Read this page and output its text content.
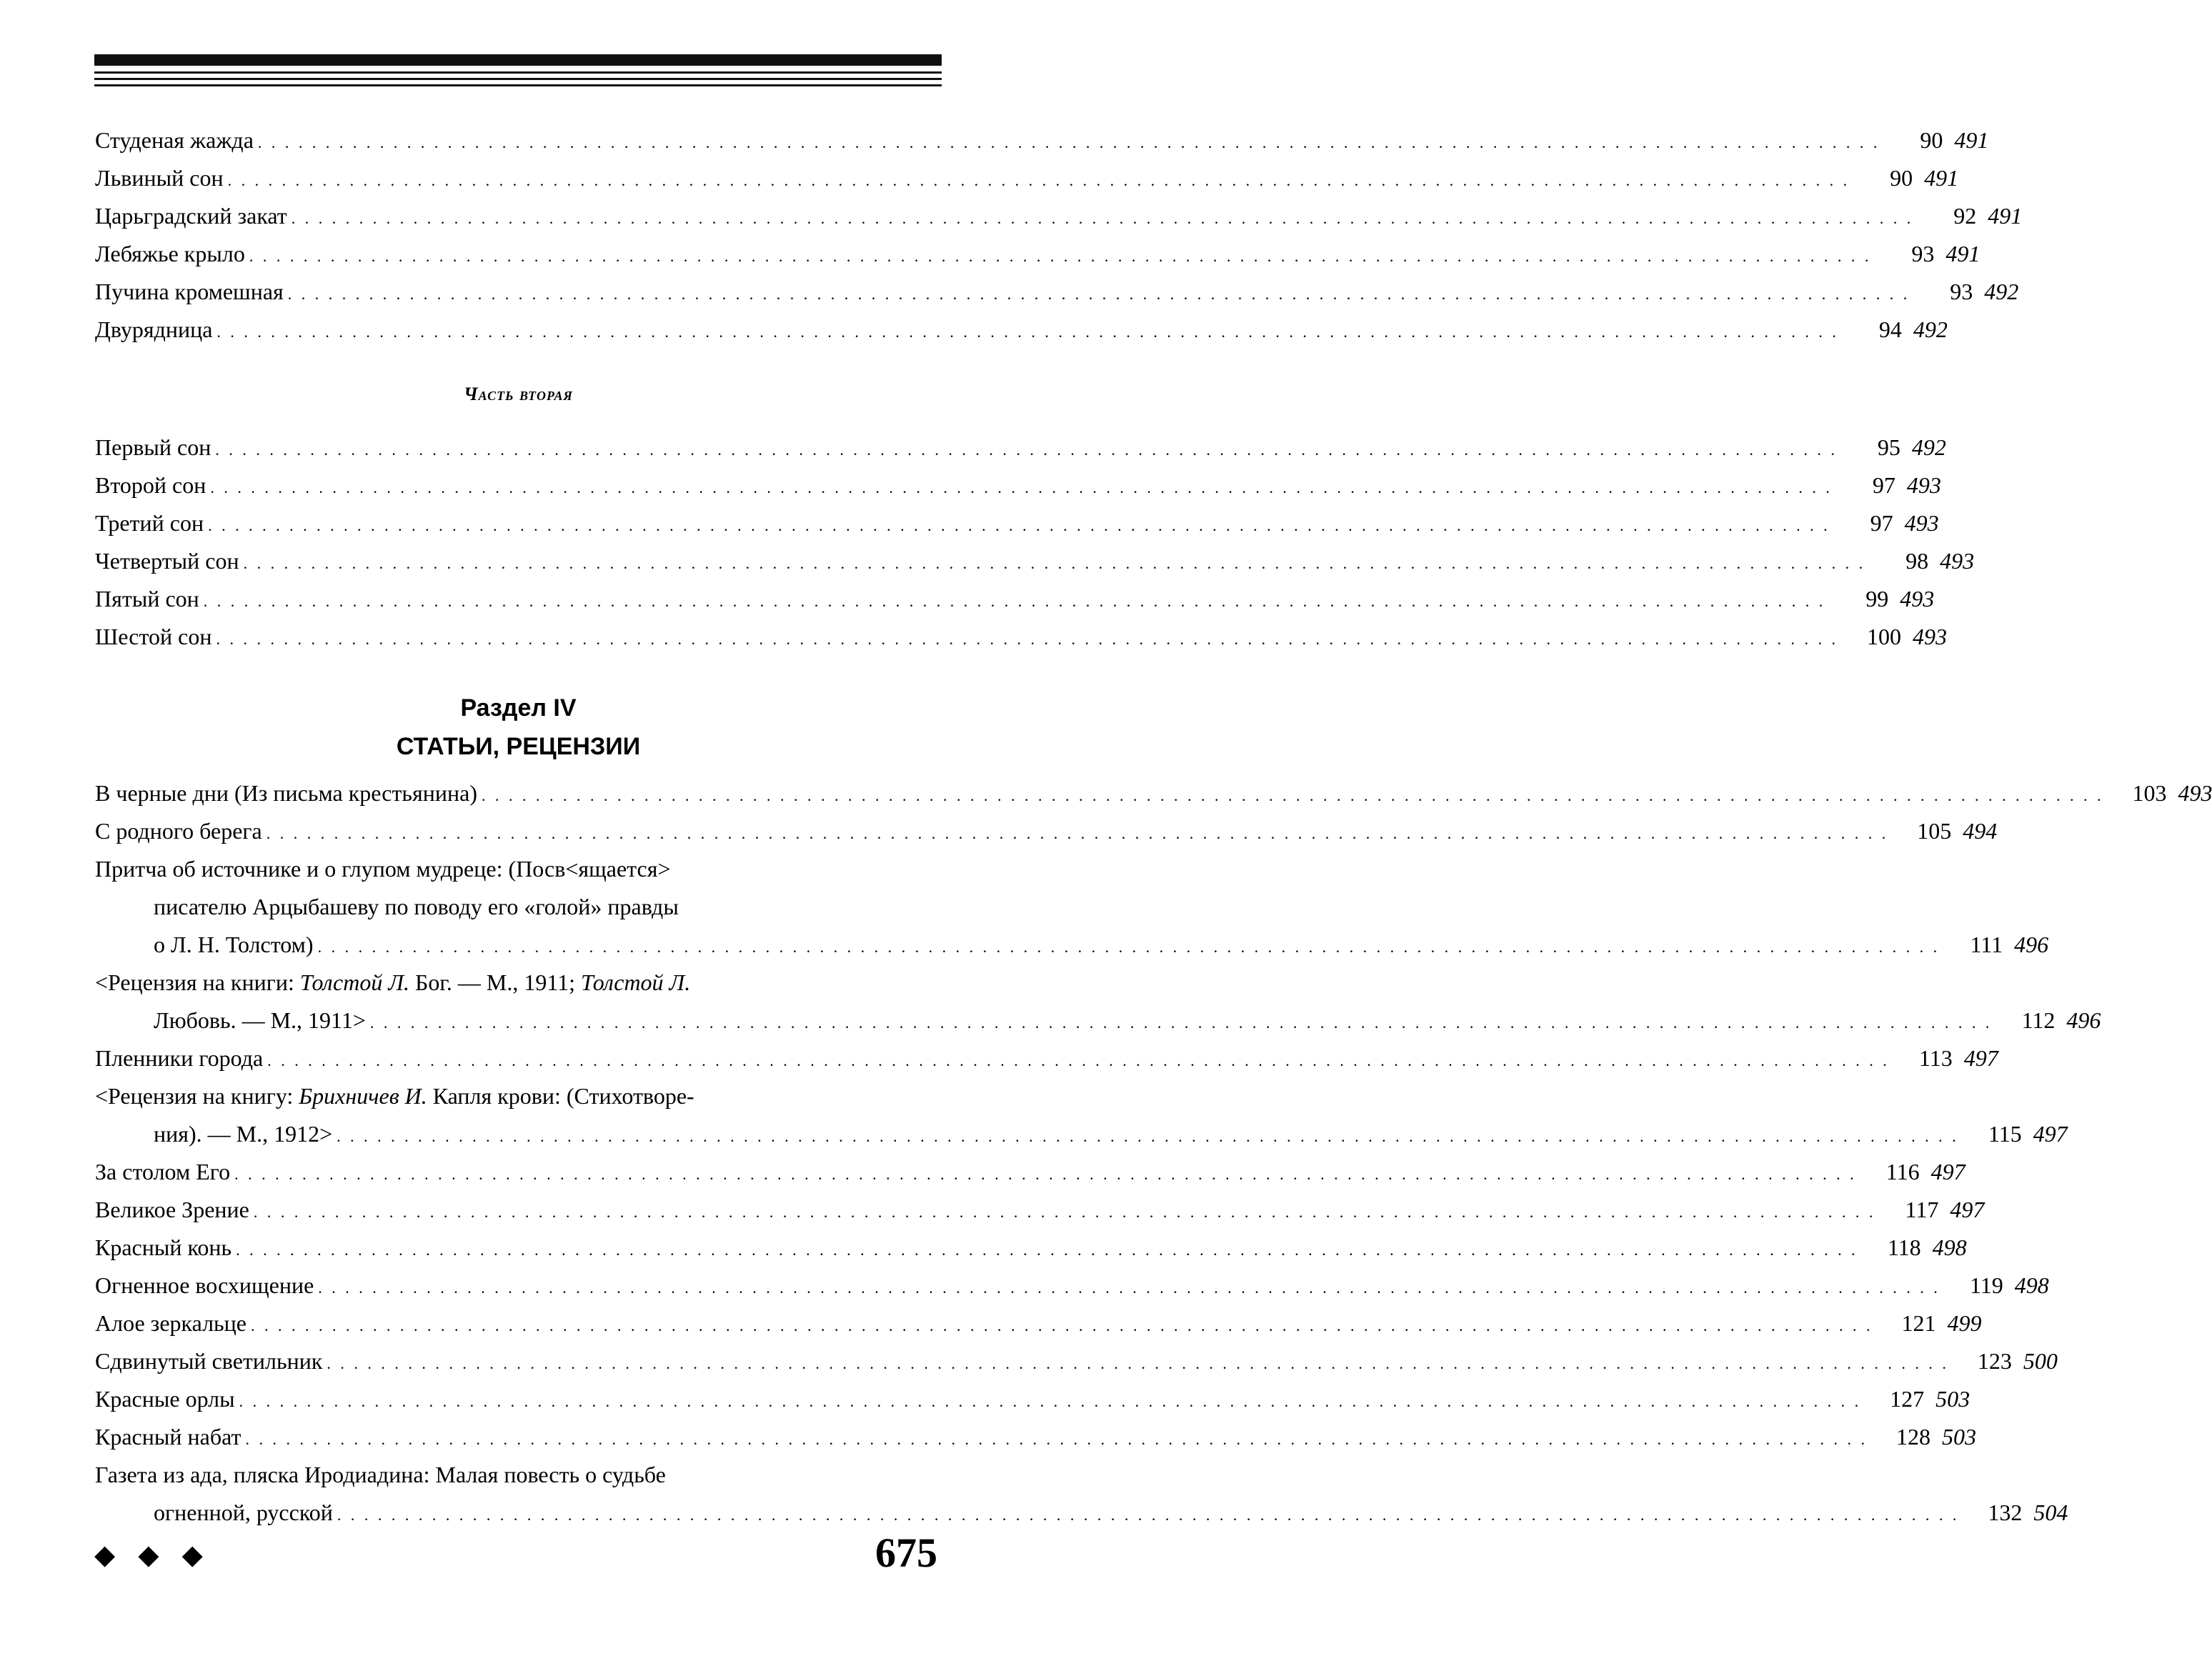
Студеная жажда . . . . . . . . . . . . . . . . . . . . . . . . . . . . . . . . . . . . . . . . . . . . . . . . . . . . . . . . . . . . . . . . . . . . . . . . . . . . . . . . . . . . . . . . . . . . . . . . . . . . . . . . . . . . . . . . . . . . . . . .	90 491
Львиный сон . . . . . . . . . . . . . . . . . . . . . . . . . . . . . . . . . . . . . . . . . . . . . . . . . . . . . . . . . . . . . . . . . . . . . . . . . . . . . . . . . . . . . . . . . . . . . . . . . . . . . . . . . . . . . . . . . . . . . . . .	90 491
Царьградский закат . . . . . . . . . . . . . . . . . . . . . . . . . . . . . . . . . . . . . . . . . . . . . . . . . . . . . . . . . . . . . . . . . . . . . . . . . . . . . . . . . . . . . . . . . . . . . . . . . . . . . . . . . . . . . . . . . . . . . . . .	92 491
Лебяжье крыло . . . . . . . . . . . . . . . . . . . . . . . . . . . . . . . . . . . . . . . . . . . . . . . . . . . . . . . . . . . . . . . . . . . . . . . . . . . . . . . . . . . . . . . . . . . . . . . . . . . . . . . . . . . . . . . . . . . . . . . .	93 491
Пучина кромешная . . . . . . . . . . . . . . . . . . . . . . . . . . . . . . . . . . . . . . . . . . . . . . . . . . . . . . . . . . . . . . . . . . . . . . . . . . . . . . . . . . . . . . . . . . . . . . . . . . . . . . . . . . . . . . . . . . . . . . . .	93 492
Двурядница . . . . . . . . . . . . . . . . . . . . . . . . . . . . . . . . . . . . . . . . . . . . . . . . . . . . . . . . . . . . . . . . . . . . . . . . . . . . . . . . . . . . . . . . . . . . . . . . . . . . . . . . . . . . . . . . . . . . . . . .	94 492
Часть вторая
Первый сон . . . . . . . . . . . . . . . . . . . . . . . . . . . . . . . . . . . . . . . . . . . . . . . . . . . . . . . . . . . . . . . . . . . . . . . . . . . . . . . . . . . . . . . . . . . . . . . . . . . . . . . . . . . . . . . . . . . . . . . .	95 492
Второй сон . . . . . . . . . . . . . . . . . . . . . . . . . . . . . . . . . . . . . . . . . . . . . . . . . . . . . . . . . . . . . . . . . . . . . . . . . . . . . . . . . . . . . . . . . . . . . . . . . . . . . . . . . . . . . . . . . . . . . . . .	97 493
Третий сон . . . . . . . . . . . . . . . . . . . . . . . . . . . . . . . . . . . . . . . . . . . . . . . . . . . . . . . . . . . . . . . . . . . . . . . . . . . . . . . . . . . . . . . . . . . . . . . . . . . . . . . . . . . . . . . . . . . . . . . .	97 493
Четвертый сон . . . . . . . . . . . . . . . . . . . . . . . . . . . . . . . . . . . . . . . . . . . . . . . . . . . . . . . . . . . . . . . . . . . . . . . . . . . . . . . . . . . . . . . . . . . . . . . . . . . . . . . . . . . . . . . . . . . . . . . .	98 493
Пятый сон . . . . . . . . . . . . . . . . . . . . . . . . . . . . . . . . . . . . . . . . . . . . . . . . . . . . . . . . . . . . . . . . . . . . . . . . . . . . . . . . . . . . . . . . . . . . . . . . . . . . . . . . . . . . . . . . . . . . . . . .	99 493
Шестой сон . . . . . . . . . . . . . . . . . . . . . . . . . . . . . . . . . . . . . . . . . . . . . . . . . . . . . . . . . . . . . . . . . . . . . . . . . . . . . . . . . . . . . . . . . . . . . . . . . . . . . . . . . . . . . . . . . . . . . . . .	100 493
Раздел IV
СТАТЬИ, РЕЦЕНЗИИ
В черные дни (Из письма крестьянина) . . . . . . . . . . . . . . . . . . . . . . . . . . . . . . . . . . . . . . . . . . . . . . . . . . . . . . . . . . . . . . . . . . . . . . . . . . . . . . . . . . . . . . . . . . . . . . . . . . . . . . . . . . . . . . . . . . . . . . . .	103 493
С родного берега . . . . . . . . . . . . . . . . . . . . . . . . . . . . . . . . . . . . . . . . . . . . . . . . . . . . . . . . . . . . . . . . . . . . . . . . . . . . . . . . . . . . . . . . . . . . . . . . . . . . . . . . . . . . . . . . . . . . . . . .	105 494
Притча об источнике и о глупом мудреце: (Посв<ящается>
писателю Арцыбашеву по поводу его «голой» правды
о Л. Н. Толстом) . . . . . . . . . . . . . . . . . . . . . . . . . . . . . . . . . . . . . . . . . . . . . . . . . . . . . . . . . . . . . . . . . . . . . . . . . . . . . . . . . . . . . . . . . . . . . . . . . . . . . . . . . . . . . . . . . . . . . . . .	111 496
<Рецензия на книги: Толстой Л. Бог. — М., 1911; Толстой Л.
Любовь. — М., 1911> . . . . . . . . . . . . . . . . . . . . . . . . . . . . . . . . . . . . . . . . . . . . . . . . . . . . . . . . . . . . . . . . . . . . . . . . . . . . . . . . . . . . . . . . . . . . . . . . . . . . . . . . . . . . . . . . . . . . . . . .	112 496
Пленники города . . . . . . . . . . . . . . . . . . . . . . . . . . . . . . . . . . . . . . . . . . . . . . . . . . . . . . . . . . . . . . . . . . . . . . . . . . . . . . . . . . . . . . . . . . . . . . . . . . . . . . . . . . . . . . . . . . . . . . . .	113 497
<Рецензия на книгу: Брихничев И. Капля крови: (Стихотворе-
ния). — М., 1912> . . . . . . . . . . . . . . . . . . . . . . . . . . . . . . . . . . . . . . . . . . . . . . . . . . . . . . . . . . . . . . . . . . . . . . . . . . . . . . . . . . . . . . . . . . . . . . . . . . . . . . . . . . . . . . . . . . . . . . . .	115 497
За столом Его . . . . . . . . . . . . . . . . . . . . . . . . . . . . . . . . . . . . . . . . . . . . . . . . . . . . . . . . . . . . . . . . . . . . . . . . . . . . . . . . . . . . . . . . . . . . . . . . . . . . . . . . . . . . . . . . . . . . . . . .	116 497
Великое Зрение . . . . . . . . . . . . . . . . . . . . . . . . . . . . . . . . . . . . . . . . . . . . . . . . . . . . . . . . . . . . . . . . . . . . . . . . . . . . . . . . . . . . . . . . . . . . . . . . . . . . . . . . . . . . . . . . . . . . . . . .	117 497
Красный конь . . . . . . . . . . . . . . . . . . . . . . . . . . . . . . . . . . . . . . . . . . . . . . . . . . . . . . . . . . . . . . . . . . . . . . . . . . . . . . . . . . . . . . . . . . . . . . . . . . . . . . . . . . . . . . . . . . . . . . . .	118 498
Огненное восхищение . . . . . . . . . . . . . . . . . . . . . . . . . . . . . . . . . . . . . . . . . . . . . . . . . . . . . . . . . . . . . . . . . . . . . . . . . . . . . . . . . . . . . . . . . . . . . . . . . . . . . . . . . . . . . . . . . . . . . . . .	119 498
Алое зеркальце . . . . . . . . . . . . . . . . . . . . . . . . . . . . . . . . . . . . . . . . . . . . . . . . . . . . . . . . . . . . . . . . . . . . . . . . . . . . . . . . . . . . . . . . . . . . . . . . . . . . . . . . . . . . . . . . . . . . . . . .	121 499
Сдвинутый светильник . . . . . . . . . . . . . . . . . . . . . . . . . . . . . . . . . . . . . . . . . . . . . . . . . . . . . . . . . . . . . . . . . . . . . . . . . . . . . . . . . . . . . . . . . . . . . . . . . . . . . . . . . . . . . . . . . . . . . . . .	123 500
Красные орлы . . . . . . . . . . . . . . . . . . . . . . . . . . . . . . . . . . . . . . . . . . . . . . . . . . . . . . . . . . . . . . . . . . . . . . . . . . . . . . . . . . . . . . . . . . . . . . . . . . . . . . . . . . . . . . . . . . . . . . . .	127 503
Красный набат . . . . . . . . . . . . . . . . . . . . . . . . . . . . . . . . . . . . . . . . . . . . . . . . . . . . . . . . . . . . . . . . . . . . . . . . . . . . . . . . . . . . . . . . . . . . . . . . . . . . . . . . . . . . . . . . . . . . . . . .	128 503
Газета из ада, пляска Иродиадина: Малая повесть о судьбе
огненной, русской . . . . . . . . . . . . . . . . . . . . . . . . . . . . . . . . . . . . . . . . . . . . . . . . . . . . . . . . . . . . . . . . . . . . . . . . . . . . . . . . . . . . . . . . . . . . . . . . . . . . . . . . . . . . . . . . . . . . . . . .	132 504
◆ ◆ ◆	675
